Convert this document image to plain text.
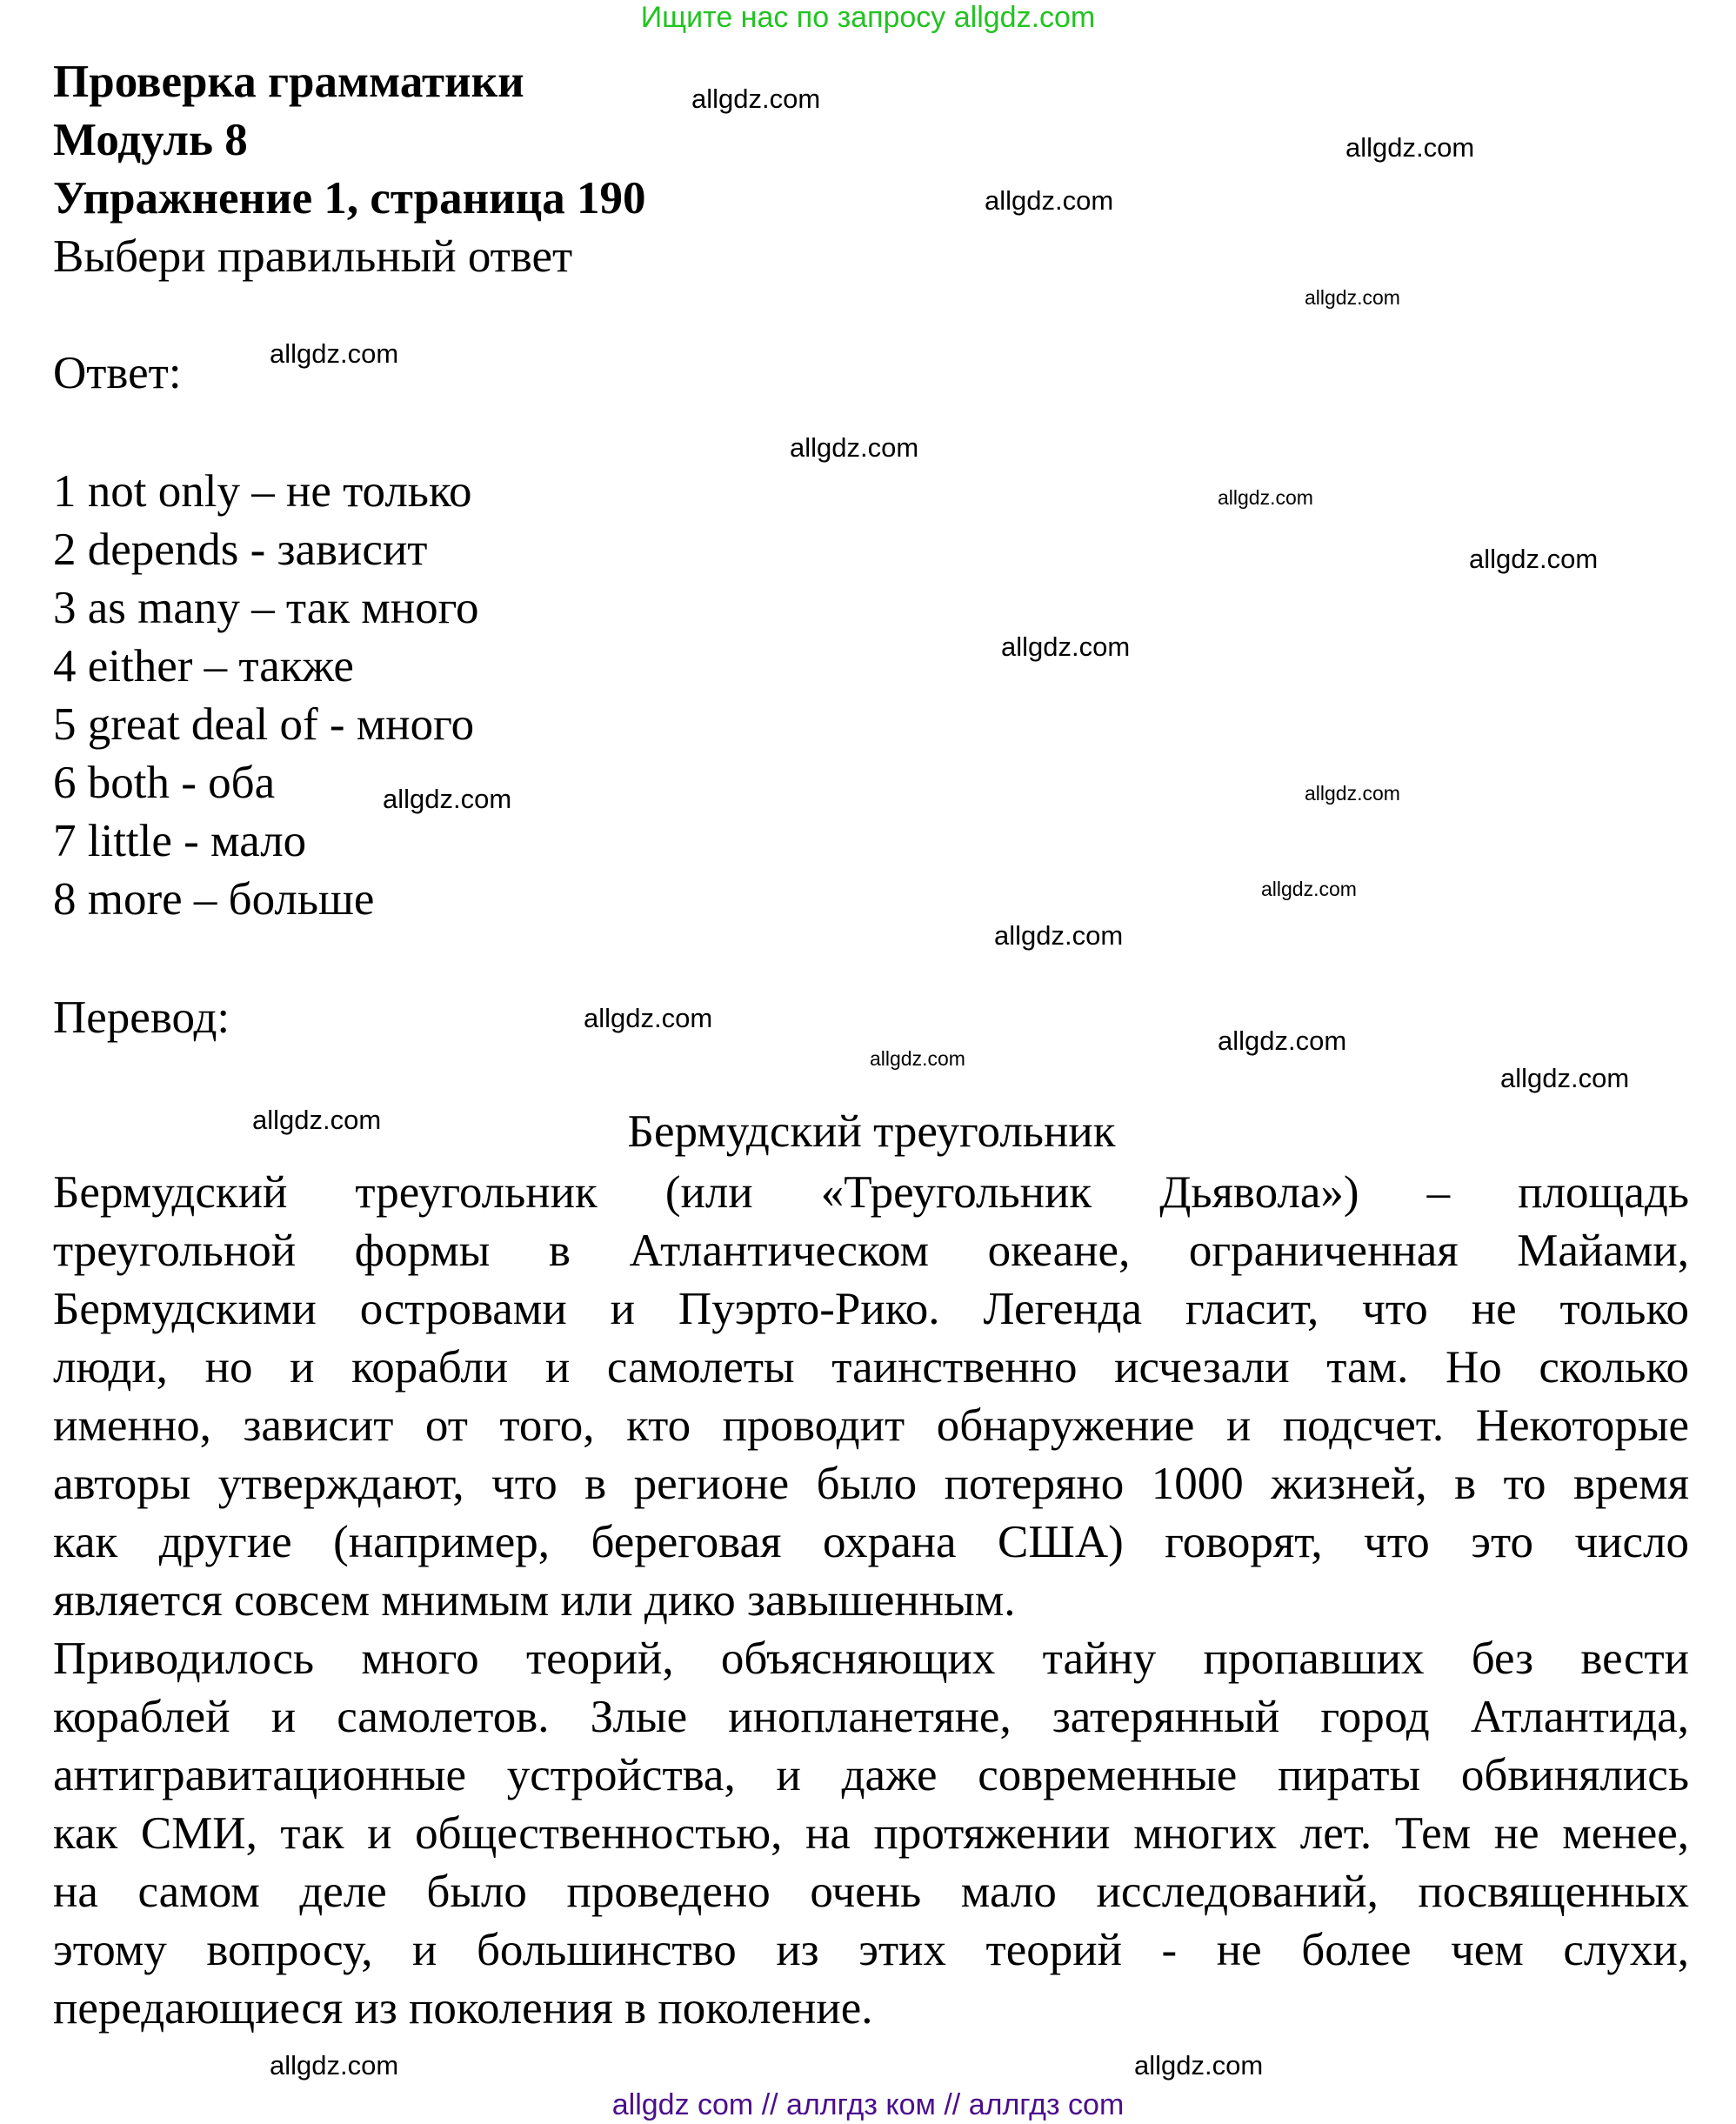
Ищите нас по запросу allgdz.com
Проверка грамматики
Модуль 8
Упражнение 1, страница 190
Выбери правильный ответ
Ответ:
1 not only – не только
2 depends - зависит
3 as many – так много
4 either – также
5 great deal of - много
6 both - оба
7 little - мало
8 more – больше
Перевод:
Бермудский треугольник
Бермудский треугольник (или «Треугольник Дьявола») – площадь
треугольной формы в Атлантическом океане, ограниченная Майами,
Бермудскими островами и Пуэрто-Рико. Легенда гласит, что не только
люди, но и корабли и самолеты таинственно исчезали там. Но сколько
именно, зависит от того, кто проводит обнаружение и подсчет. Некоторые
авторы утверждают, что в регионе было потеряно 1000 жизней, в то время
как другие (например, береговая охрана США) говорят, что это число
является совсем мнимым или дико завышенным.
Приводилось много теорий, объясняющих тайну пропавших без вести
кораблей и самолетов. Злые инопланетяне, затерянный город Атлантида,
антигравитационные устройства, и даже современные пираты обвинялись
как СМИ, так и общественностью, на протяжении многих лет. Тем не менее,
на самом деле было проведено очень мало исследований, посвященных
этому вопросу, и большинство из этих теорий - не более чем слухи,
передающиеся из поколения в поколение.
allgdz.com
allgdz.com
allgdz.com
allgdz.com
allgdz.com
allgdz.com
allgdz.com
allgdz.com
allgdz.com
allgdz.com
allgdz.com
allgdz.com
allgdz.com
allgdz.com
allgdz.com
allgdz.com
allgdz.com
allgdz.com
allgdz.com
allgdz.com
allgdz com // аллгдз ком // аллгдз com
